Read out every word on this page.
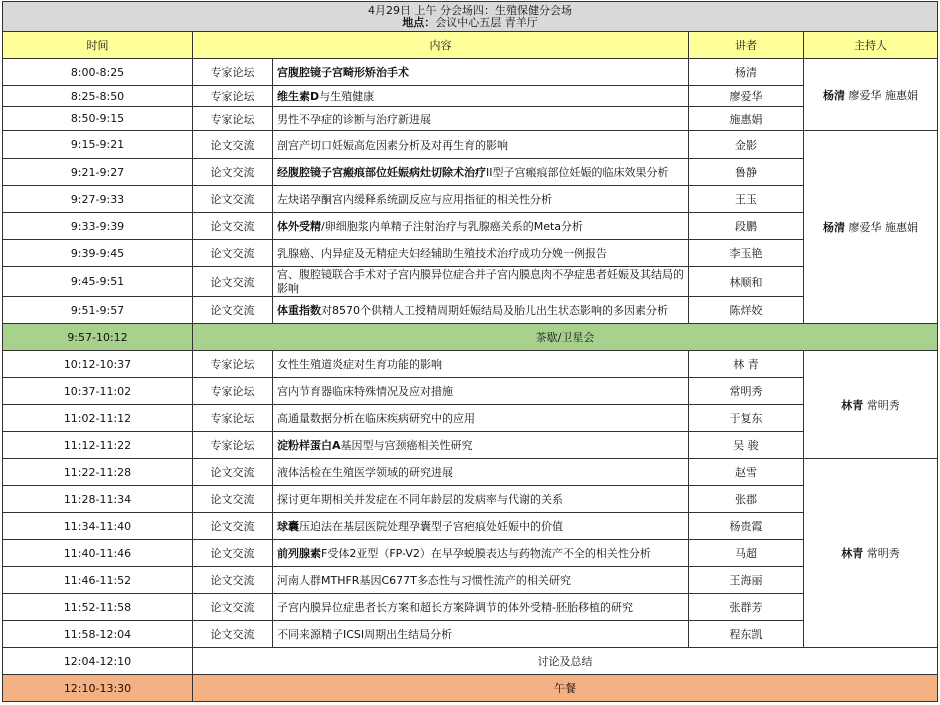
4月29日 上午 分会场四：生殖保健分会场
地点：会议中心五层 青羊厅				

时间	内容		讲者	主持人
8:00-8:25	专家论坛	宫腹腔镜子宫畸形矫治手术	杨清	杨清 廖爱华 施惠娟
8:25-8:50	专家论坛	维生素D与生殖健康	廖爱华	
8:50-9:15	专家论坛	男性不孕症的诊断与治疗新进展	施惠娟	
9:15-9:21	论文交流	剖宫产切口妊娠高危因素分析及对再生育的影响	金影	杨清 廖爱华 施惠娟
9:21-9:27	论文交流	经腹腔镜子宫瘢痕部位妊娠病灶切除术治疗II型子宫瘢痕部位妊娠的临床效果分析	鲁静	
9:27-9:33	论文交流	左炔诺孕酮宫内缓释系统副反应与应用指征的相关性分析	王玉	
9:33-9:39	论文交流	体外受精/卵细胞浆内单精子注射治疗与乳腺癌关系的Meta分析	段鹏	
9:39-9:45	论文交流	乳腺癌、内异症及无精症夫妇经辅助生殖技术治疗成功分娩一例报告	李玉艳	
9:45-9:51	论文交流	宫、腹腔镜联合手术对子宫内膜异位症合并子宫内膜息肉不孕症患者妊娠及其结局的影响	林顺和	
9:51-9:57	论文交流	体重指数对8570个供精人工授精周期妊娠结局及胎儿出生状态影响的多因素分析	陈烊姣	
9:57-10:12	茶歇/卫星会			
10:12-10:37	专家论坛	女性生殖道炎症对生育功能的影响	林 青	林青 常明秀
10:37-11:02	专家论坛	宫内节育器临床特殊情况及应对措施	常明秀	
11:02-11:12	专家论坛	高通量数据分析在临床疾病研究中的应用	于复东	
11:12-11:22	专家论坛	淀粉样蛋白A基因型与宫颈癌相关性研究	吴 骏	
11:22-11:28	论文交流	液体活检在生殖医学领域的研究进展	赵雪	林青 常明秀
11:28-11:34	论文交流	探讨更年期相关并发症在不同年龄层的发病率与代谢的关系	张郡	
11:34-11:40	论文交流	球囊压迫法在基层医院处理孕囊型子宫疤痕处妊娠中的价值	杨贵霞	
11:40-11:46	论文交流	前列腺素F受体2亚型（FP-V2）在早孕蜕膜表达与药物流产不全的相关性分析	马超	
11:46-11:52	论文交流	河南人群MTHFR基因C677T多态性与习惯性流产的相关研究	王海丽	
11:52-11:58	论文交流	子宫内膜异位症患者长方案和超长方案降调节的体外受精-胚胎移植的研究	张群芳	
11:58-12:04	论文交流	不同来源精子ICSI周期出生结局分析	程东凯	
12:04-12:10	讨论及总结			
12:10-13:30	午餐			
